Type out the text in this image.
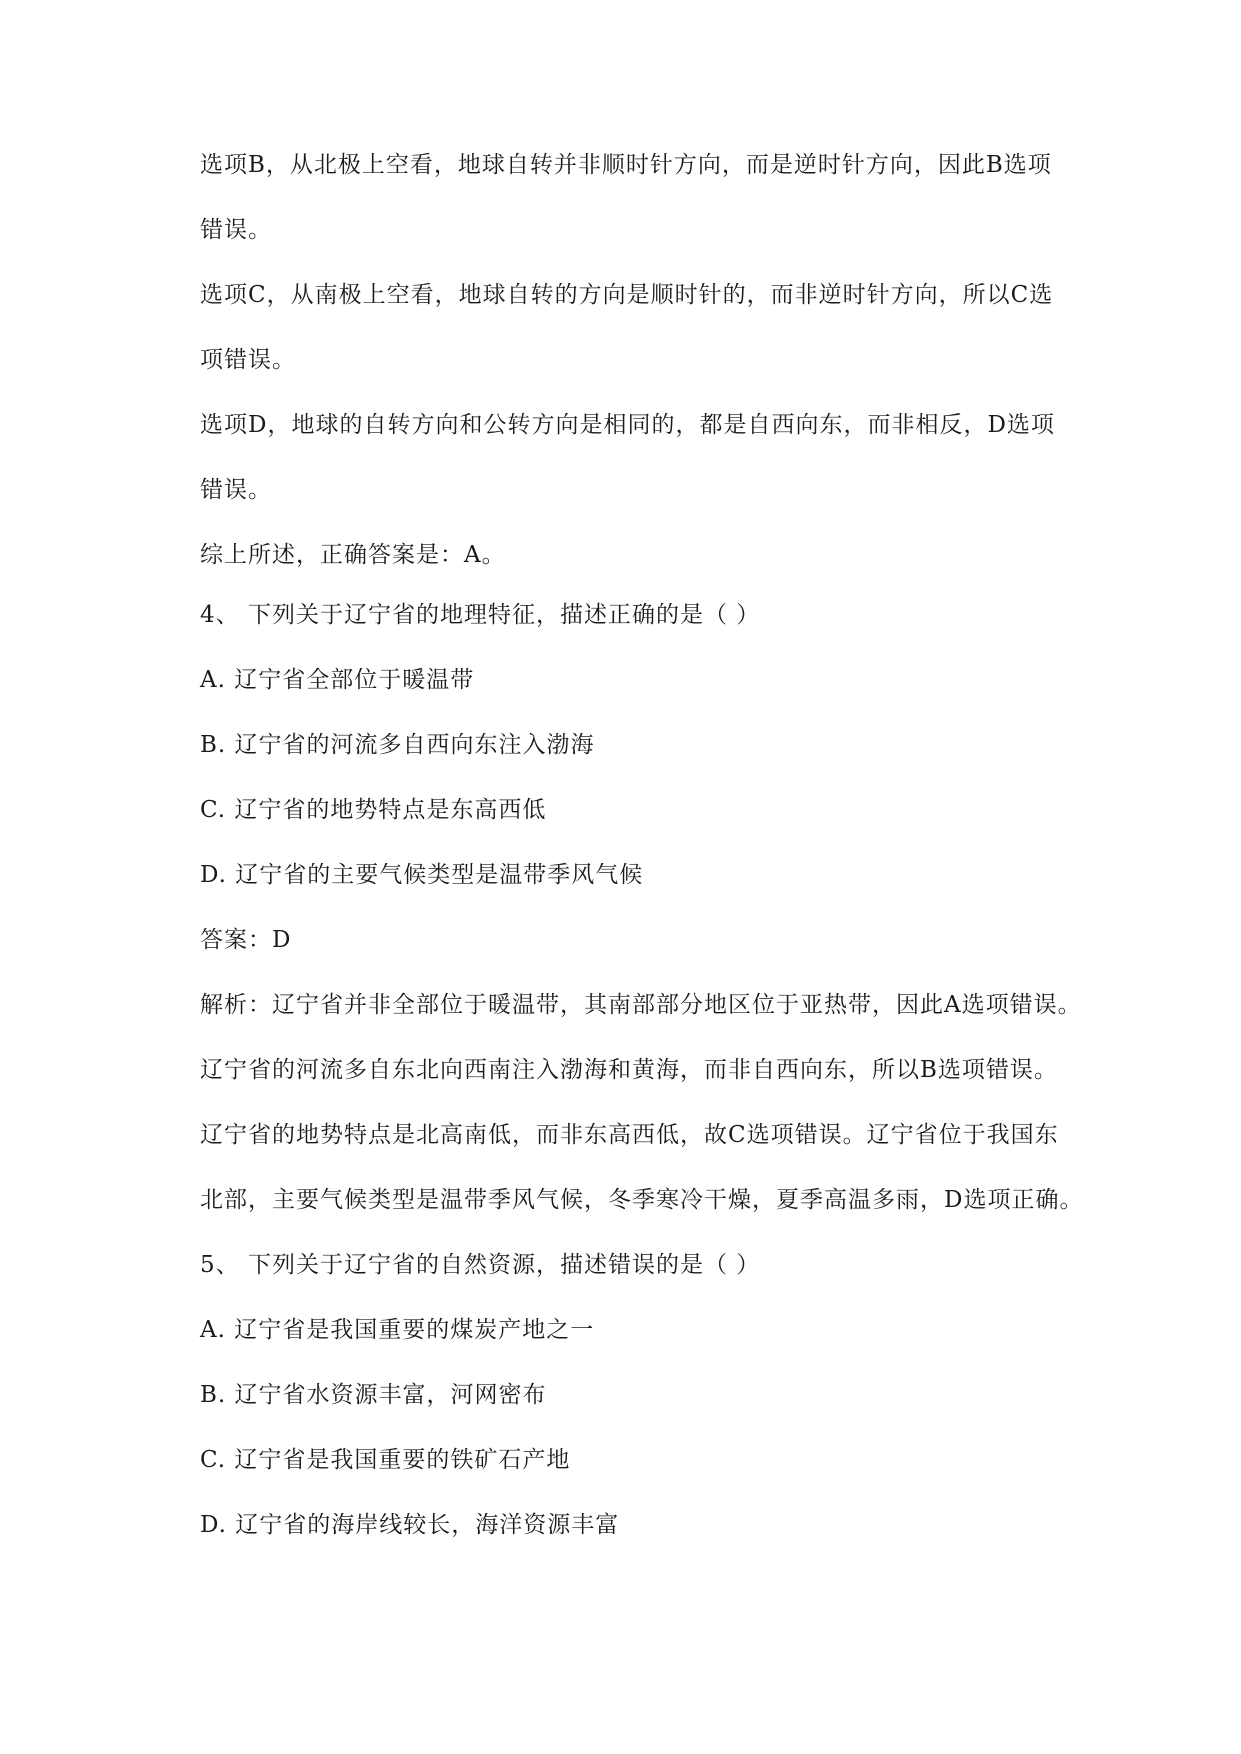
选项B，从北极上空看，地球自转并非顺时针方向，而是逆时针方向，因此B选项
错误。
选项C，从南极上空看，地球自转的方向是顺时针的，而非逆时针方向，所以C选
项错误。
选项D，地球的自转方向和公转方向是相同的，都是自西向东，而非相反，D选项
错误。
综上所述，正确答案是：A。
4、 下列关于辽宁省的地理特征，描述正确的是（ ）
A. 辽宁省全部位于暖温带
B. 辽宁省的河流多自西向东注入渤海
C. 辽宁省的地势特点是东高西低
D. 辽宁省的主要气候类型是温带季风气候
答案：D
解析：辽宁省并非全部位于暖温带，其南部部分地区位于亚热带，因此A选项错误。
辽宁省的河流多自东北向西南注入渤海和黄海，而非自西向东，所以B选项错误。
辽宁省的地势特点是北高南低，而非东高西低，故C选项错误。辽宁省位于我国东
北部，主要气候类型是温带季风气候，冬季寒冷干燥，夏季高温多雨，D选项正确。
5、 下列关于辽宁省的自然资源，描述错误的是（ ）
A. 辽宁省是我国重要的煤炭产地之一
B. 辽宁省水资源丰富，河网密布
C. 辽宁省是我国重要的铁矿石产地
D. 辽宁省的海岸线较长，海洋资源丰富
